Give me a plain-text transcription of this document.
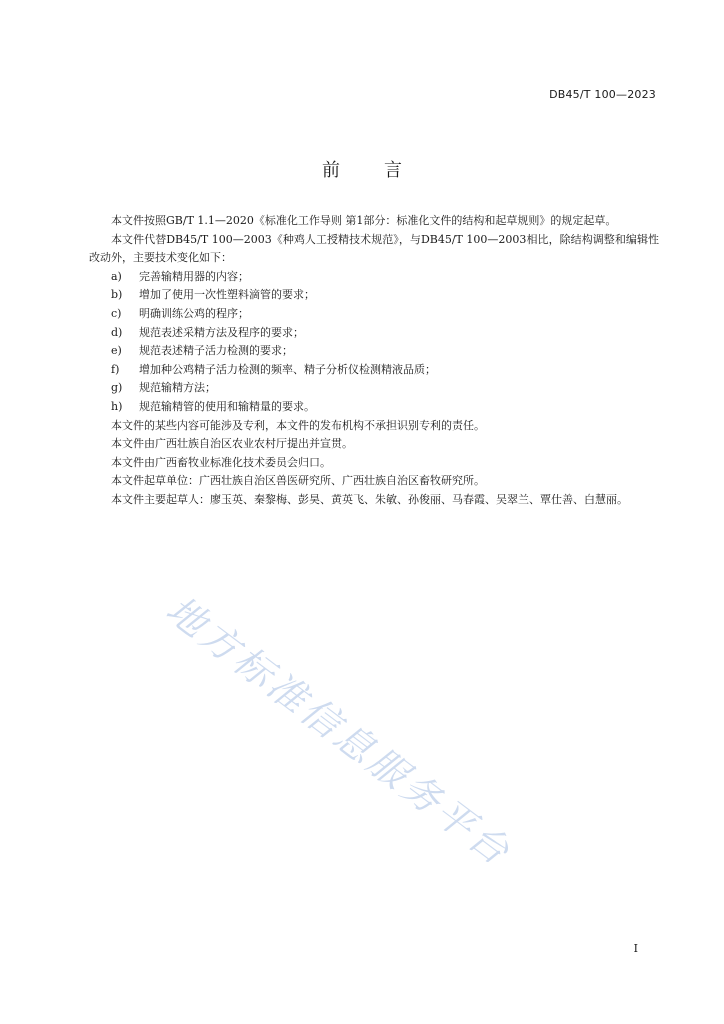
DB45/T 100—2023
前 言
地方标准信息服务平台

本文件按照GB/T 1.1—2020《标准化工作导则 第1部分：标准化文件的结构和起草规则》的规定起草。

本文件代替DB45/T 100—2003《种鸡人工授精技术规范》，与DB45/T 100—2003相比，除结构调整和编辑性改动外，主要技术变化如下：

a)	完善输精用器的内容；
b)	增加了使用一次性塑料滴管的要求；
c)	明确训练公鸡的程序；
d)	规范表述采精方法及程序的要求；
e)	规范表述精子活力检测的要求；
f)	增加种公鸡精子活力检测的频率、精子分析仪检测精液品质；
g)	规范输精方法；
h)	规范输精管的使用和输精量的要求。

本文件的某些内容可能涉及专利，本文件的发布机构不承担识别专利的责任。

本文件由广西壮族自治区农业农村厅提出并宣贯。

本文件由广西畜牧业标准化技术委员会归口。

本文件起草单位：广西壮族自治区兽医研究所、广西壮族自治区畜牧研究所。

本文件主要起草人：廖玉英、秦黎梅、彭昊、黄英飞、朱敏、孙俊丽、马春霞、吴翠兰、覃仕善、白慧丽。

I
